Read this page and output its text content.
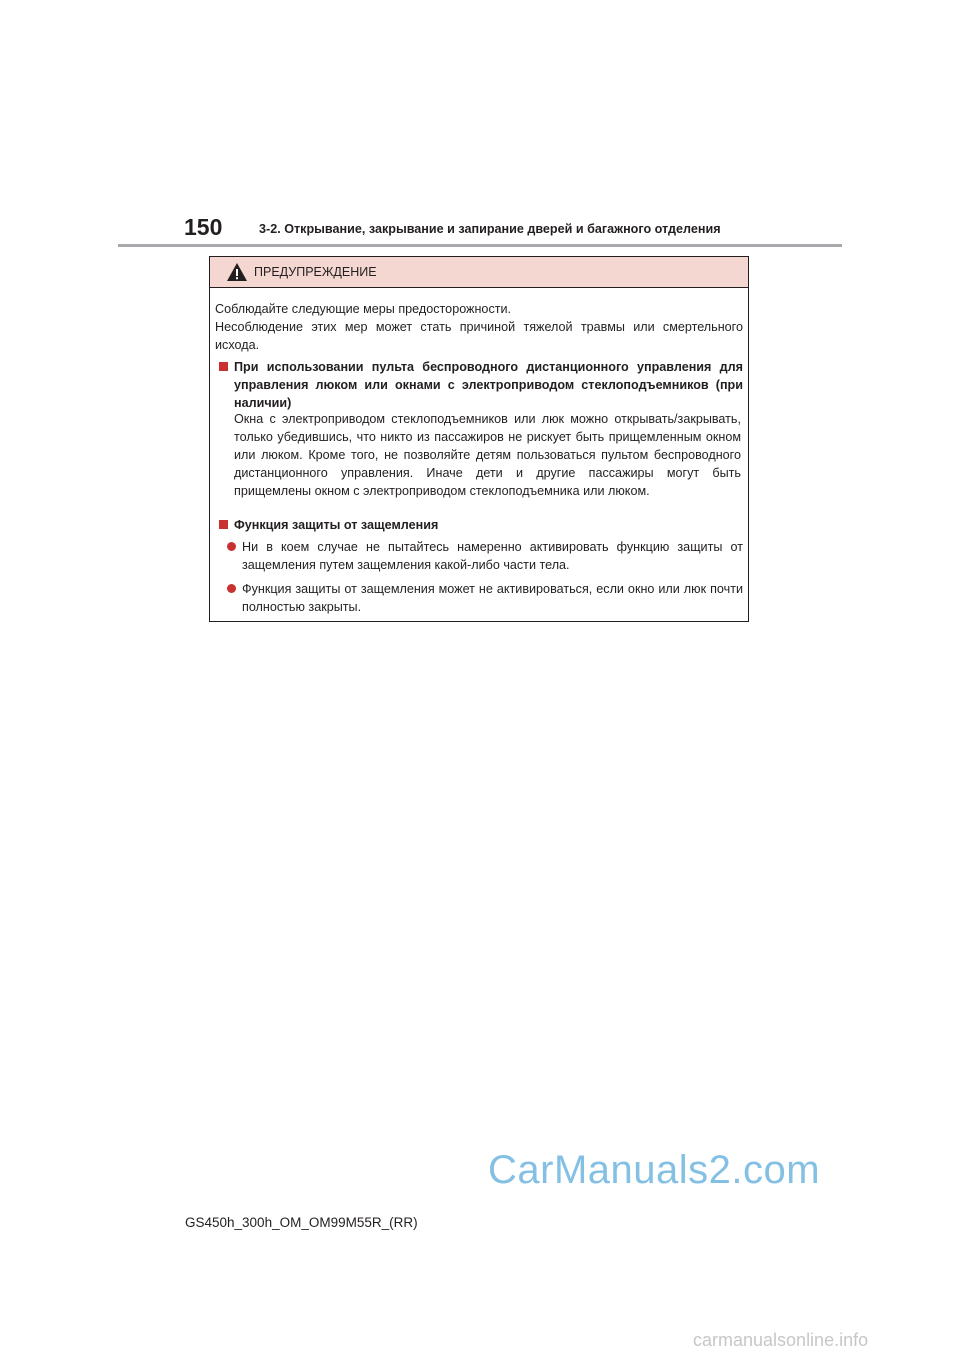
150	3-2. Открывание, закрывание и запирание дверей и багажного отделения
ПРЕДУПРЕЖДЕНИЕ
Соблюдайте следующие меры предосторожности.
Несоблюдение этих мер может стать причиной тяжелой травмы или смертельного исхода.
При использовании пульта беспроводного дистанционного управления для управления люком или окнами с электроприводом стеклоподъемников (при наличии)
Окна с электроприводом стеклоподъемников или люк можно открывать/закрывать, только убедившись, что никто из пассажиров не рискует быть прищемленным окном или люком. Кроме того, не позволяйте детям пользоваться пультом беспроводного дистанционного управления. Иначе дети и другие пассажиры могут быть прищемлены окном с электроприводом стеклоподъемника или люком.
Функция защиты от защемления
Ни в коем случае не пытайтесь намеренно активировать функцию защиты от защемления путем защемления какой-либо части тела.
Функция защиты от защемления может не активироваться, если окно или люк почти полностью закрыты.
CarManuals2.com
GS450h_300h_OM_OM99M55R_(RR)
carmanualsonline.info
